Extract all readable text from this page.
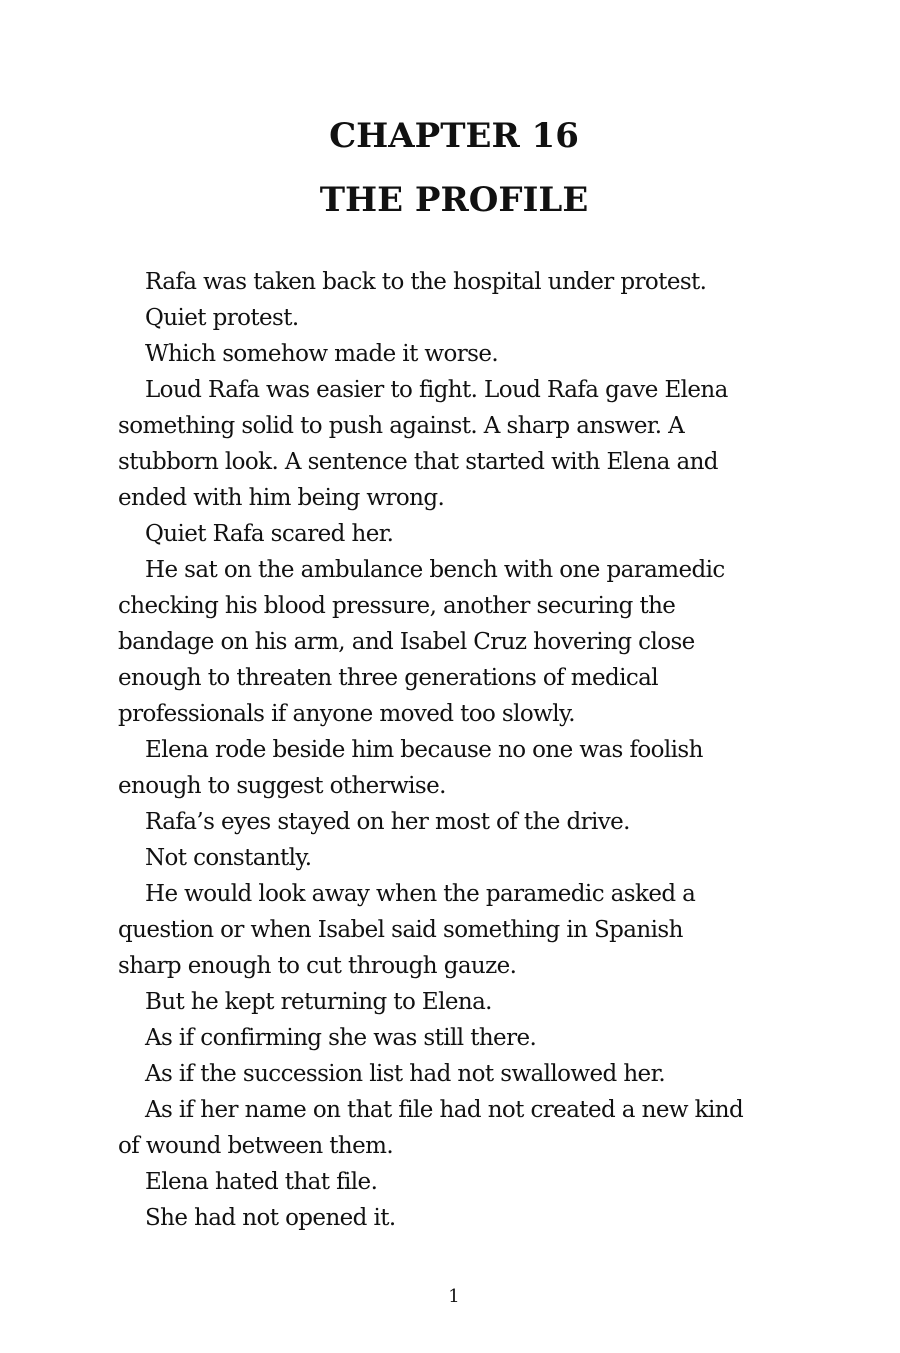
CHAPTER 16
THE PROFILE

Rafa was taken back to the hospital under protest.

Quiet protest.

Which somehow made it worse.

Loud Rafa was easier to fight. Loud Rafa gave Elena
something solid to push against. A sharp answer. A
stubborn look. A sentence that started with Elena and
ended with him being wrong.

Quiet Rafa scared her.

He sat on the ambulance bench with one paramedic
checking his blood pressure, another securing the
bandage on his arm, and Isabel Cruz hovering close
enough to threaten three generations of medical
professionals if anyone moved too slowly.

Elena rode beside him because no one was foolish
enough to suggest otherwise.

Rafa’s eyes stayed on her most of the drive.

Not constantly.

He would look away when the paramedic asked a
question or when Isabel said something in Spanish
sharp enough to cut through gauze.

But he kept returning to Elena.

As if confirming she was still there.

As if the succession list had not swallowed her.

As if her name on that file had not created a new kind
of wound between them.

Elena hated that file.

She had not opened it.

1
